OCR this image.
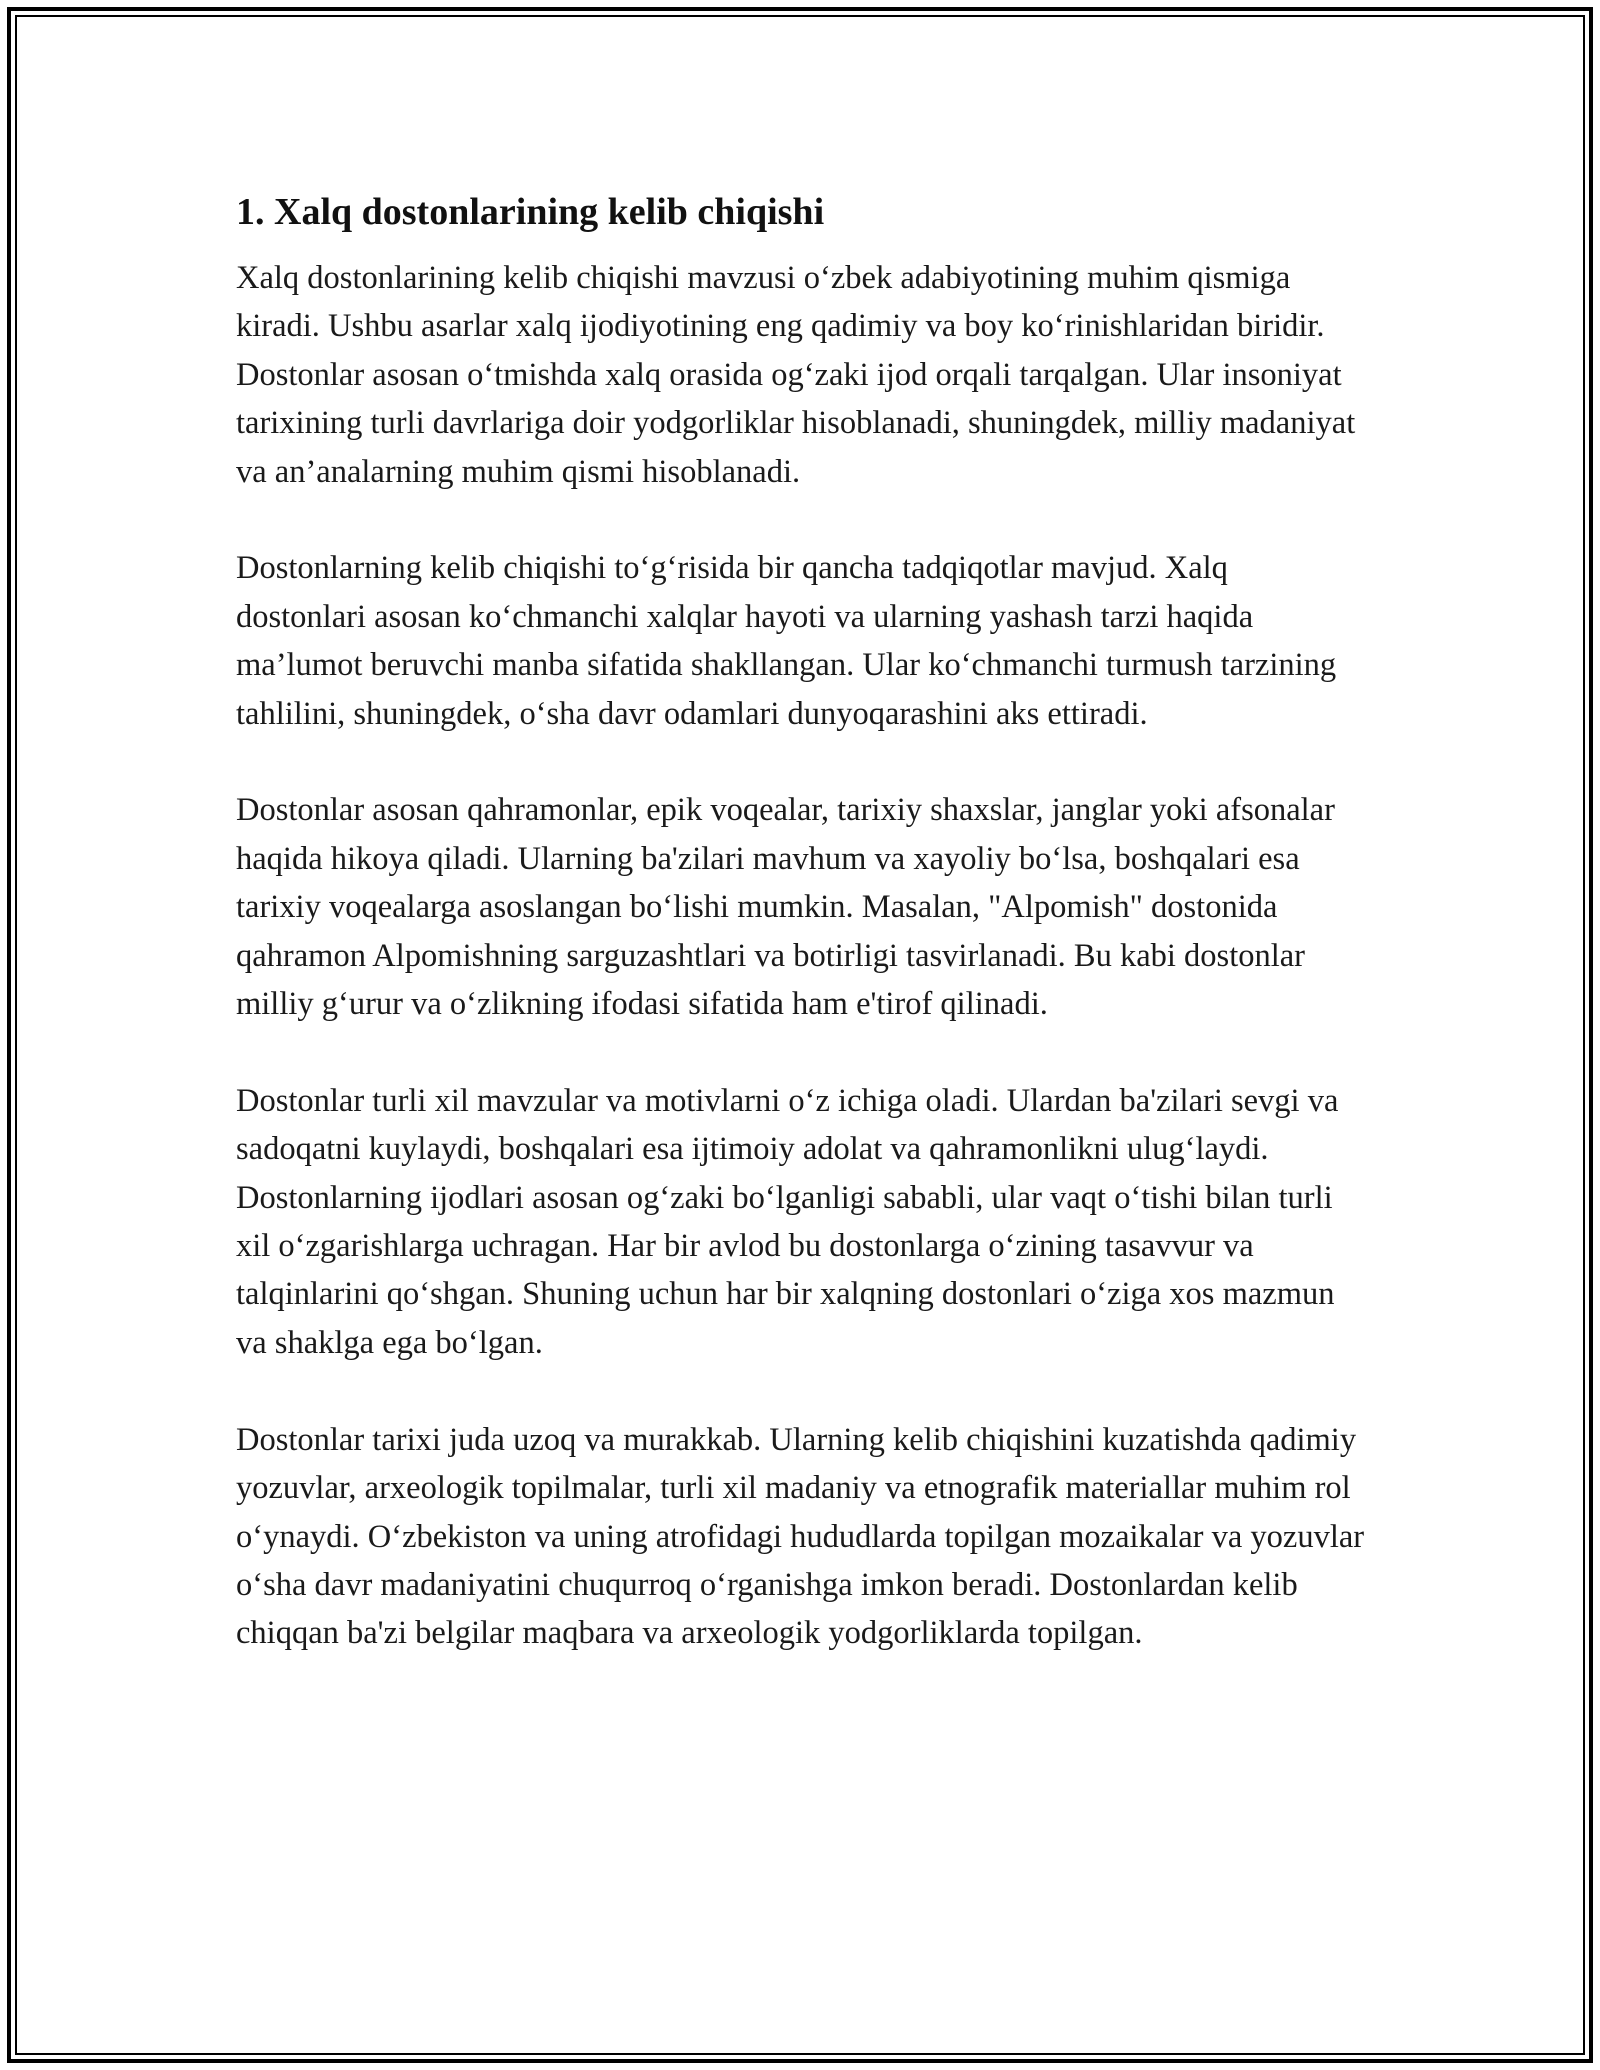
1. Xalq dostonlarining kelib chiqishi

Xalq dostonlarining kelib chiqishi mavzusi o‘zbek adabiyotining muhim qismiga kiradi. Ushbu asarlar xalq ijodiyotining eng qadimiy va boy ko‘rinishlaridan biridir. Dostonlar asosan o‘tmishda xalq orasida og‘zaki ijod orqali tarqalgan. Ular insoniyat tarixining turli davrlariga doir yodgorliklar hisoblanadi, shuningdek, milliy madaniyat va an’analarning muhim qismi hisoblanadi.

Dostonlarning kelib chiqishi to‘g‘risida bir qancha tadqiqotlar mavjud. Xalq dostonlari asosan ko‘chmanchi xalqlar hayoti va ularning yashash tarzi haqida ma’lumot beruvchi manba sifatida shakllangan. Ular ko‘chmanchi turmush tarzining tahlilini, shuningdek, o‘sha davr odamlari dunyoqarashini aks ettiradi.

Dostonlar asosan qahramonlar, epik voqealar, tarixiy shaxslar, janglar yoki afsonalar haqida hikoya qiladi. Ularning ba'zilari mavhum va xayoliy bo‘lsa, boshqalari esa tarixiy voqealarga asoslangan bo‘lishi mumkin. Masalan, "Alpomish" dostonida qahramon Alpomishning sarguzashtlari va botirligi tasvirlanadi. Bu kabi dostonlar milliy g‘urur va o‘zlikning ifodasi sifatida ham e'tirof qilinadi.

Dostonlar turli xil mavzular va motivlarni o‘z ichiga oladi. Ulardan ba'zilari sevgi va sadoqatni kuylaydi, boshqalari esa ijtimoiy adolat va qahramonlikni ulug‘laydi. Dostonlarning ijodlari asosan og‘zaki bo‘lganligi sababli, ular vaqt o‘tishi bilan turli xil o‘zgarishlarga uchragan. Har bir avlod bu dostonlarga o‘zining tasavvur va talqinlarini qo‘shgan. Shuning uchun har bir xalqning dostonlari o‘ziga xos mazmun va shaklga ega bo‘lgan.

Dostonlar tarixi juda uzoq va murakkab. Ularning kelib chiqishini kuzatishda qadimiy yozuvlar, arxeologik topilmalar, turli xil madaniy va etnografik materiallar muhim rol o‘ynaydi. O‘zbekiston va uning atrofidagi hududlarda topilgan mozaikalar va yozuvlar o‘sha davr madaniyatini chuqurroq o‘rganishga imkon beradi. Dostonlardan kelib chiqqan ba'zi belgilar maqbara va arxeologik yodgorliklarda topilgan.
